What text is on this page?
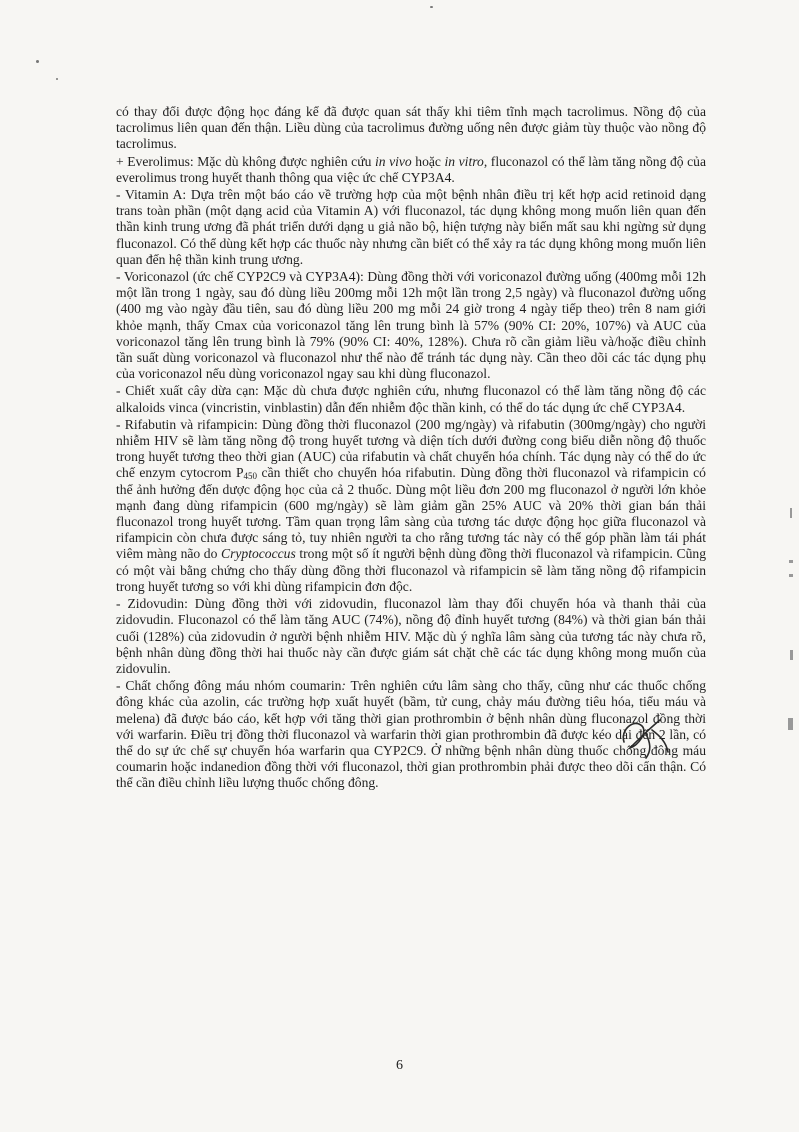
có thay đổi được động học đáng kể đã được quan sát thấy khi tiêm tĩnh mạch tacrolimus. Nồng độ của tacrolimus liên quan đến thận. Liều dùng của tacrolimus đường uống nên được giảm tùy thuộc vào nồng độ tacrolimus.

+ Everolimus: Mặc dù không được nghiên cứu in vivo hoặc in vitro, fluconazol có thể làm tăng nồng độ của everolimus trong huyết thanh thông qua việc ức chế CYP3A4.

- Vitamin A: Dựa trên một báo cáo về trường hợp của một bệnh nhân điều trị kết hợp acid retinoid dạng trans toàn phần (một dạng acid của Vitamin A) với fluconazol, tác dụng không mong muốn liên quan đến thần kinh trung ương đã phát triển dưới dạng u giả não bộ, hiện tượng này biến mất sau khi ngừng sử dụng fluconazol. Có thể dùng kết hợp các thuốc này nhưng cần biết có thể xảy ra tác dụng không mong muốn liên quan đến hệ thần kinh trung ương.

- Voriconazol (ức chế CYP2C9 và CYP3A4): Dùng đồng thời với voriconazol đường uống (400mg mỗi 12h một lần trong 1 ngày, sau đó dùng liều 200mg mỗi 12h một lần trong 2,5 ngày) và fluconazol đường uống (400 mg vào ngày đầu tiên, sau đó dùng liều 200 mg mỗi 24 giờ trong 4 ngày tiếp theo) trên 8 nam giới khỏe mạnh, thấy Cmax của voriconazol tăng lên trung bình là 57% (90% CI: 20%, 107%) và AUC của voriconazol tăng lên trung bình là 79% (90% CI: 40%, 128%). Chưa rõ cần giảm liều và/hoặc điều chỉnh tần suất dùng voriconazol và fluconazol như thế nào để tránh tác dụng này. Cần theo dõi các tác dụng phụ của voriconazol nếu dùng voriconazol ngay sau khi dùng fluconazol.

- Chiết xuất cây dừa cạn: Mặc dù chưa được nghiên cứu, nhưng fluconazol có thể làm tăng nồng độ các alkaloids vinca (vincristin, vinblastin) dẫn đến nhiễm độc thần kinh, có thể do tác dụng ức chế CYP3A4.

- Rifabutin và rifampicin: Dùng đồng thời fluconazol (200 mg/ngày) và rifabutin (300mg/ngày) cho người nhiễm HIV sẽ làm tăng nồng độ trong huyết tương và diện tích dưới đường cong biểu diễn nồng độ thuốc trong huyết tương theo thời gian (AUC) của rifabutin và chất chuyển hóa chính. Tác dụng này có thể do ức chế enzym cytocrom $P_{450}$ cần thiết cho chuyển hóa rifabutin. Dùng đồng thời fluconazol và rifampicin có thể ảnh hưởng đến dược động học của cả 2 thuốc. Dùng một liều đơn 200 mg fluconazol ở người lớn khỏe mạnh đang dùng rifampicin (600 mg/ngày) sẽ làm giảm gần 25% AUC và 20% thời gian bán thải fluconazol trong huyết tương. Tầm quan trọng lâm sàng của tương tác dược động học giữa fluconazol và rifampicin còn chưa được sáng tỏ, tuy nhiên người ta cho rằng tương tác này có thể góp phần làm tái phát viêm màng não do Cryptococcus trong một số ít người bệnh dùng đồng thời fluconazol và rifampicin. Cũng có một vài bằng chứng cho thấy dùng đồng thời fluconazol và rifampicin sẽ làm tăng nồng độ rifampicin trong huyết tương so với khi dùng rifampicin đơn độc.

- Zidovudin: Dùng đồng thời với zidovudin, fluconazol làm thay đổi chuyển hóa và thanh thải của zidovudin. Fluconazol có thể làm tăng AUC (74%), nồng độ đỉnh huyết tương (84%) và thời gian bán thải cuối (128%) của zidovudin ở người bệnh nhiễm HIV. Mặc dù ý nghĩa lâm sàng của tương tác này chưa rõ, bệnh nhân dùng đồng thời hai thuốc này cần được giám sát chặt chẽ các tác dụng không mong muốn của zidovulin.

- Chất chống đông máu nhóm coumarin: Trên nghiên cứu lâm sàng cho thấy, cũng như các thuốc chống đông khác của azolin, các trường hợp xuất huyết (bầm, tử cung, chảy máu đường tiêu hóa, tiểu máu và melena) đã được báo cáo, kết hợp với tăng thời gian prothrombin ở bệnh nhân dùng fluconazol đồng thời với warfarin. Điều trị đồng thời fluconazol và warfarin thời gian prothrombin đã được kéo dài đến 2 lần, có thể do sự ức chế sự chuyển hóa warfarin qua CYP2C9. Ở những bệnh nhân dùng thuốc chống đông máu coumarin hoặc indanedion đồng thời với fluconazol, thời gian prothrombin phải được theo dõi cẩn thận. Có thể cần điều chỉnh liều lượng thuốc chống đông.

6
